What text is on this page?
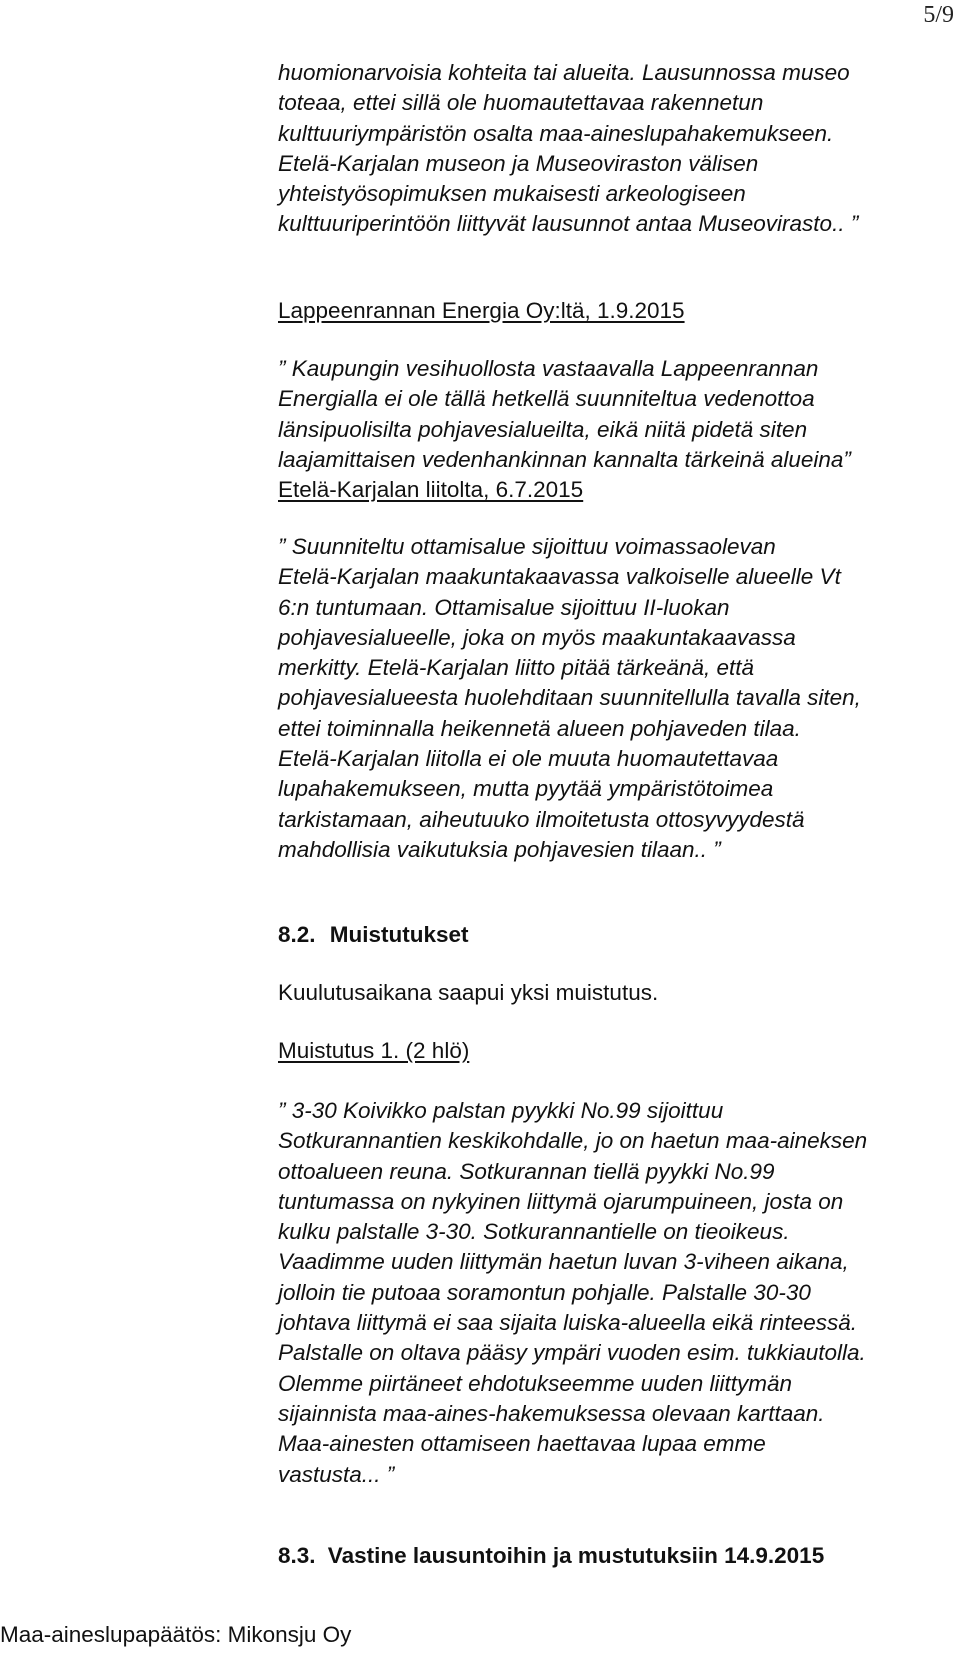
5/9

huomionarvoisia kohteita tai alueita. Lausunnossa museo

toteaa, ettei sillä ole huomautettavaa rakennetun

kulttuuriympäristön osalta maa-aineslupahakemukseen.

Etelä-Karjalan museon ja Museoviraston välisen

yhteistyösopimuksen mukaisesti arkeologiseen

kulttuuriperintöön liittyvät lausunnot antaa Museovirasto.. ”

Lappeenrannan Energia Oy:ltä, 1.9.2015

” Kaupungin vesihuollosta vastaavalla Lappeenrannan

Energialla ei ole tällä hetkellä suunniteltua vedenottoa

länsipuolisilta pohjavesialueilta, eikä niitä pidetä siten

laajamittaisen vedenhankinnan kannalta tärkeinä alueina”

Etelä-Karjalan liitolta, 6.7.2015

” Suunniteltu ottamisalue sijoittuu voimassaolevan

Etelä-Karjalan maakuntakaavassa valkoiselle alueelle Vt

6:n tuntumaan. Ottamisalue sijoittuu II-luokan

pohjavesialueelle, joka on myös maakuntakaavassa

merkitty. Etelä-Karjalan liitto pitää tärkeänä, että

pohjavesialueesta huolehditaan suunnitellulla tavalla siten,

ettei toiminnalla heikennetä alueen pohjaveden tilaa.

Etelä-Karjalan liitolla ei ole muuta huomautettavaa

lupahakemukseen, mutta pyytää ympäristötoimea

tarkistamaan, aiheutuuko ilmoitetusta ottosyvyydestä

mahdollisia vaikutuksia pohjavesien tilaan.. ”

8.2. Muistutukset

Kuulutusaikana saapui yksi muistutus.

Muistutus 1. (2 hlö)

” 3-30 Koivikko palstan pyykki No.99 sijoittuu

Sotkurannantien keskikohdalle, jo on haetun maa-aineksen

ottoalueen reuna. Sotkurannan tiellä pyykki No.99

tuntumassa on nykyinen liittymä ojarumpuineen, josta on

kulku palstalle 3-30. Sotkurannantielle on tieoikeus.

Vaadimme uuden liittymän haetun luvan 3-viheen aikana,

jolloin tie putoaa soramontun pohjalle. Palstalle 30-30

johtava liittymä ei saa sijaita luiska-alueella eikä rinteessä.

Palstalle on oltava pääsy ympäri vuoden esim. tukkiautolla.

Olemme piirtäneet ehdotukseemme uuden liittymän

sijainnista maa-aines-hakemuksessa olevaan karttaan.

Maa-ainesten ottamiseen haettavaa lupaa emme

vastusta... ”

8.3. Vastine lausuntoihin ja mustutuksiin 14.9.2015
Maa-aineslupapäätös: Mikonsju Oy
